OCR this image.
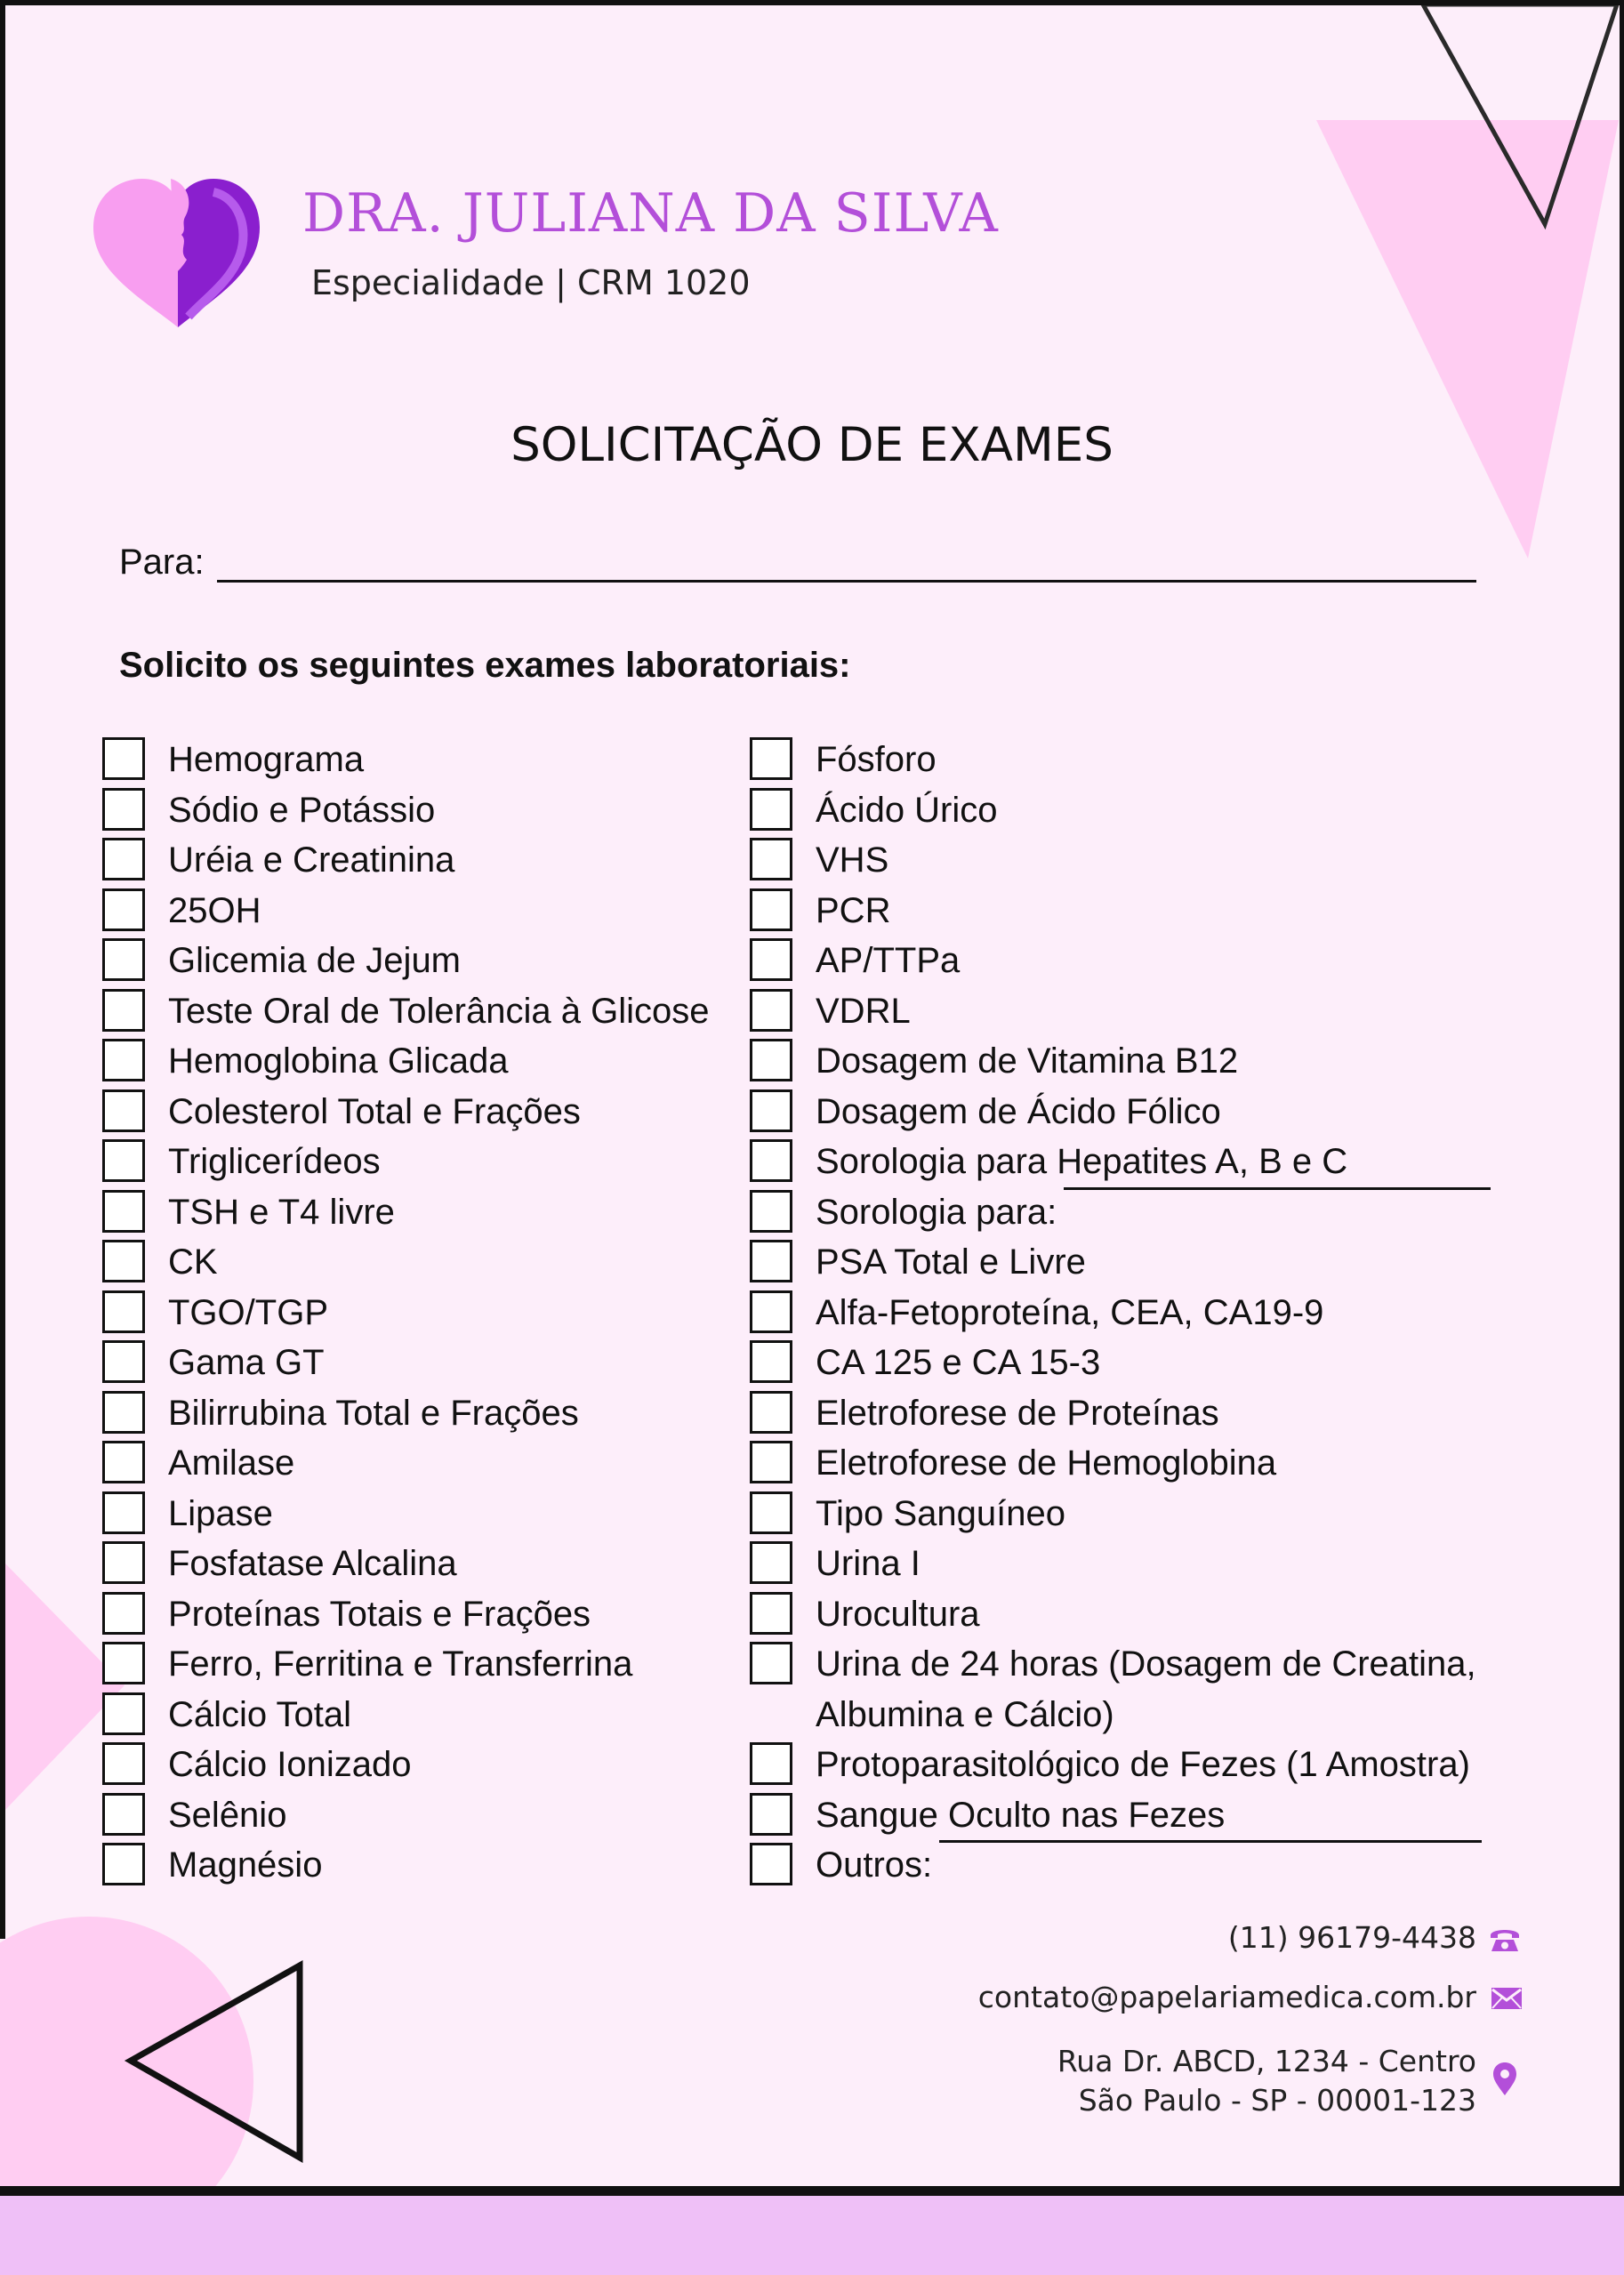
DRA. JULIANA DA SILVA
Especialidade | CRM 1020
SOLICITAÇÃO DE EXAMES
Para:
Solicito os seguintes exames laboratoriais:
Hemograma
Sódio e Potássio
Uréia e Creatinina
25OH
Glicemia de Jejum
Teste Oral de Tolerância à Glicose
Hemoglobina Glicada
Colesterol Total e Frações
Triglicerídeos
TSH e T4 livre
CK
TGO/TGP
Gama GT
Bilirrubina Total e Frações
Amilase
Lipase
Fosfatase Alcalina
Proteínas Totais e Frações
Ferro, Ferritina e Transferrina
Cálcio Total
Cálcio Ionizado
Selênio
Magnésio
Fósforo
Ácido Úrico
VHS
PCR
AP/TTPa
VDRL
Dosagem de Vitamina B12
Dosagem de Ácido Fólico
Sorologia para Hepatites A, B e C
Sorologia para:
PSA Total e Livre
Alfa-Fetoproteína, CEA, CA19-9
CA 125 e CA 15-3
Eletroforese de Proteínas
Eletroforese de Hemoglobina
Tipo Sanguíneo
Urina I
Urocultura
Urina de 24 horas (Dosagem de Creatina, Albumina e Cálcio)
Protoparasitológico de Fezes (1 Amostra)
Sangue Oculto nas Fezes
Outros:
(11) 96179-4438
contato@papelariamedica.com.br
Rua Dr. ABCD, 1234 - Centro
São Paulo - SP - 00001-123
